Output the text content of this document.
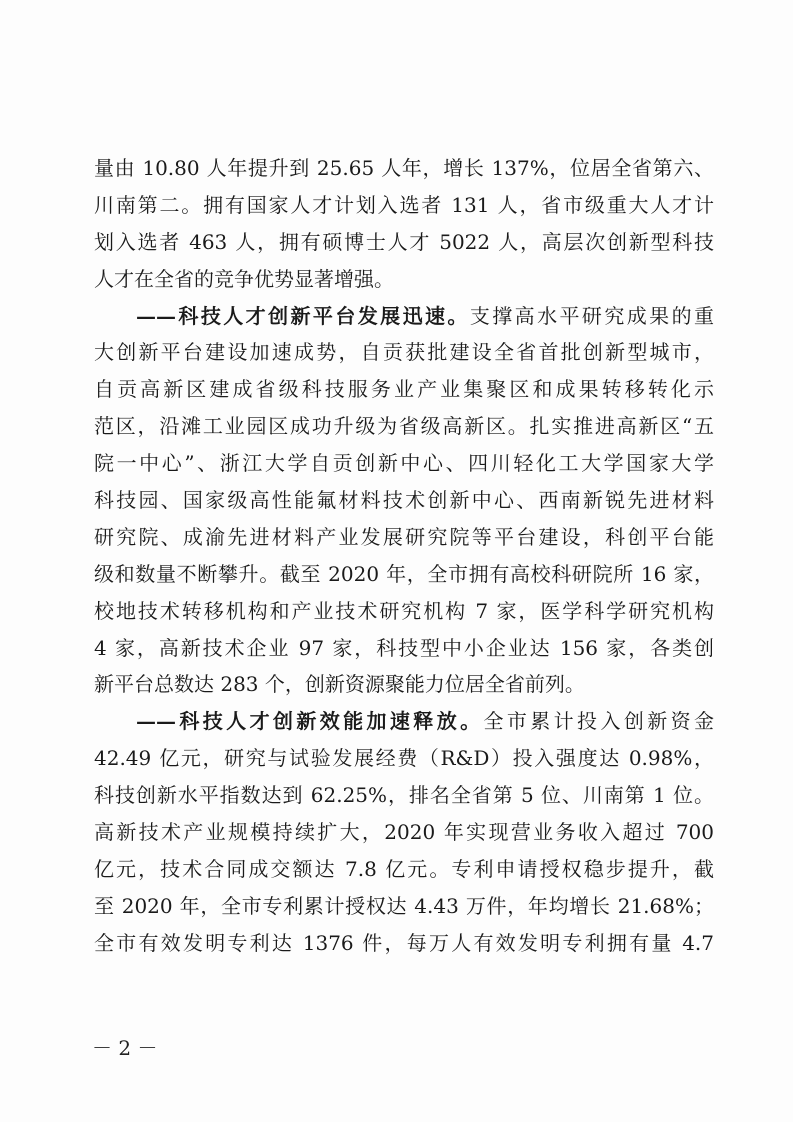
量由 10.80 人年提升到 25.65 人年，增长 137%，位居全省第六、
川南第二。拥有国家人才计划入选者 131 人，省市级重大人才计
划入选者 463 人，拥有硕博士人才 5022 人，高层次创新型科技
人才在全省的竞争优势显著增强。
——科技人才创新平台发展迅速。支撑高水平研究成果的重
大创新平台建设加速成势，自贡获批建设全省首批创新型城市，
自贡高新区建成省级科技服务业产业集聚区和成果转移转化示
范区，沿滩工业园区成功升级为省级高新区。扎实推进高新区“五
院一中心”、浙江大学自贡创新中心、四川轻化工大学国家大学
科技园、国家级高性能氟材料技术创新中心、西南新锐先进材料
研究院、成渝先进材料产业发展研究院等平台建设，科创平台能
级和数量不断攀升。截至 2020 年，全市拥有高校科研院所 16 家，
校地技术转移机构和产业技术研究机构 7 家，医学科学研究机构
4 家，高新技术企业 97 家，科技型中小企业达 156 家，各类创
新平台总数达 283 个，创新资源聚能力位居全省前列。
——科技人才创新效能加速释放。全市累计投入创新资金
42.49 亿元，研究与试验发展经费（R&D）投入强度达 0.98%，
科技创新水平指数达到 62.25%，排名全省第 5 位、川南第 1 位。
高新技术产业规模持续扩大，2020 年实现营业务收入超过 700
亿元，技术合同成交额达 7.8 亿元。专利申请授权稳步提升，截
至 2020 年，全市专利累计授权达 4.43 万件，年均增长 21.68%；
全市有效发明专利达 1376 件，每万人有效发明专利拥有量 4.7
－ 2 －
